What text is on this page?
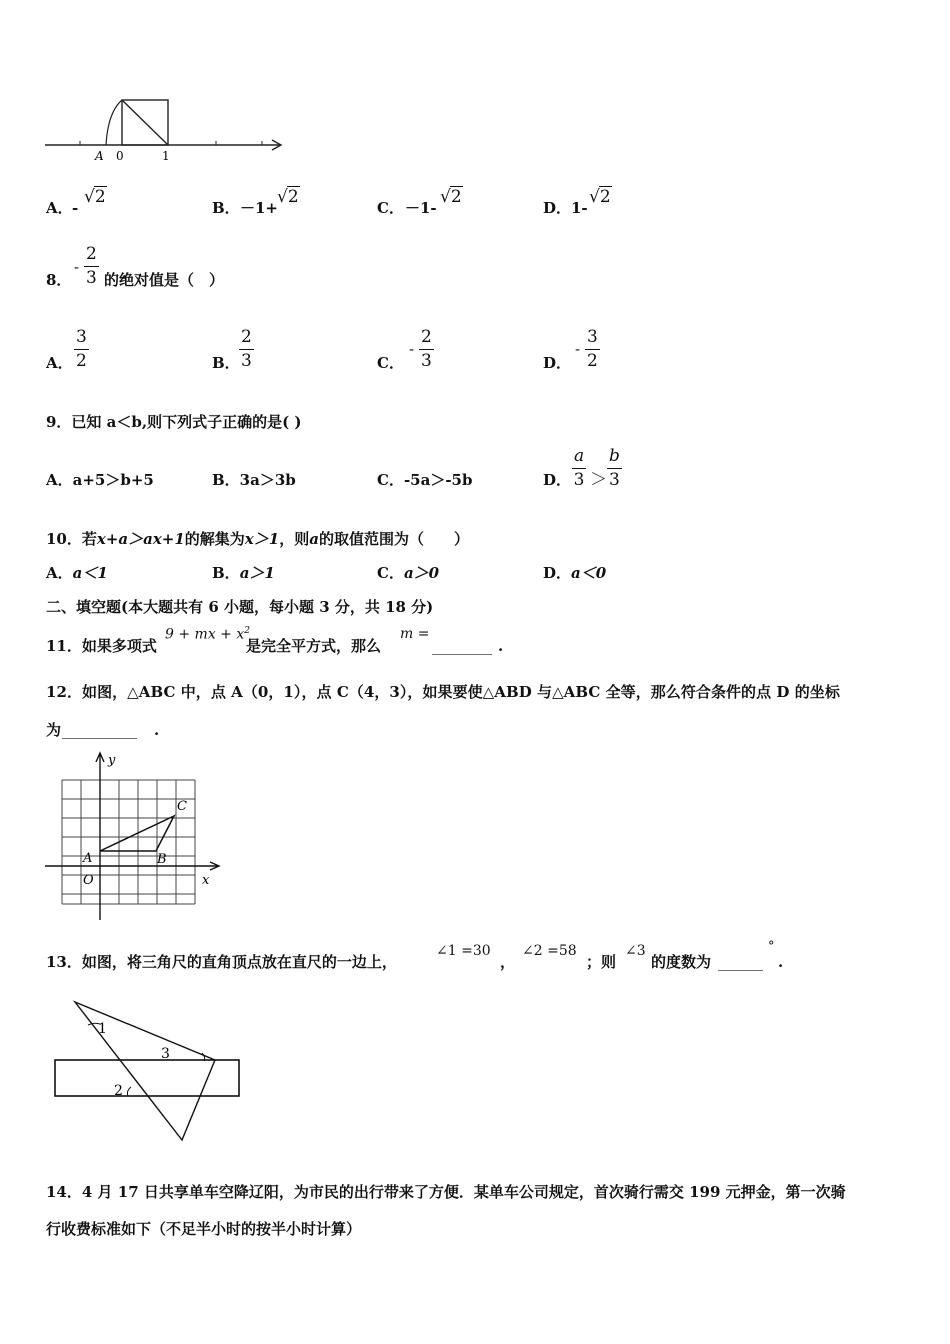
A 0	1
A． -
√2
B． －1+
√2
C． －1-
√2
D． 1-
√2
8．
- $\frac{2}{3}$ 的绝对值是（　）
A． $\frac{3}{2}$	B． $\frac{2}{3}$	C．
- $\frac{2}{3}$	D．
- $\frac{3}{2}$
9．已知 a＜b,则下列式子正确的是( )
A．a+5＞b+5	B．3a＞3b	C．-5a＞-5b	D． $\frac{a}{3} > \frac{b}{3}$
10．若x+a＞ax+1的解集为x＞1，则a的取值范围为（　　）
A．a＜1	B．a＞1	C．a＞0	D．a＜0
二、填空题(本大题共有 6 小题，每小题 3 分，共 18 分)
11．如果多项式
9 + mx + $x^2$
是完全平方式，那么
m =
________ .
12．如图，△ABC 中，点 A（0，1），点 C（4，3），如果要使△ABD 与△ABC 全等，那么符合条件的点 D 的坐标
为 __________ .
y
x
O
A	B
C
13．如图，将三角尺的直角顶点放在直尺的一边上，
∠1 =30
，
∠2 =58
；则
∠3
的度数为 ______
°
.
1
3
2
14．4 月 17 日共享单车空降辽阳，为市民的出行带来了方便．某单车公司规定，首次骑行需交 199 元押金，第一次骑
行收费标准如下（不足半小时的按半小时计算）
